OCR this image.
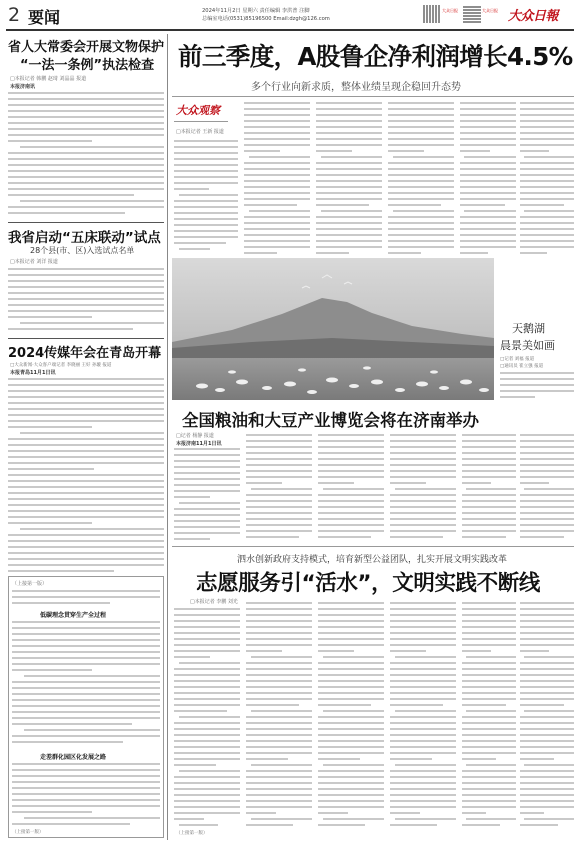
2 要闻	2024年11月2日 星期六 责任编辑 李洪普 注脚
总编室电话(0531)85196500 Email:dzgh@126.com
大众日报	大众日报 大众日報
省人大常委会开展文物保护
“一法一条例”执法检查
□本报记者 韩鹏 赵琦 刘晶晶 报道
本报济南讯
我省启动“五床联动”试点
28个县(市、区)入选试点名单
□本报记者 刘洋 报道
2024传媒年会在青岛开幕
□大众新闻·大众客户端记者 李晓丽 王好 孙璇 报道
本报青岛11月1日讯
（上接第一版）
低碳理念贯穿生产全过程
走差群化园区化发展之路
（上接第一版）
前三季度，A股鲁企净利润增长4.5%
多个行业向新求质，整体业绩呈现企稳回升态势
大众观察
□本报记者 王新 报道
天鹅湖
晨景美如画
□记者 刘福 报道
□通讯员 崔立强 报道
全国粮油和大豆产业博览会将在济南举办
□记者 杨静 报道
本报济南11月1日讯
泗水创新政府支持模式，培育新型公益团队，扎实开展文明实践改革
志愿服务引“活水”，文明实践不断线
□本报记者 李鹏 刘光
（上接第一版）
